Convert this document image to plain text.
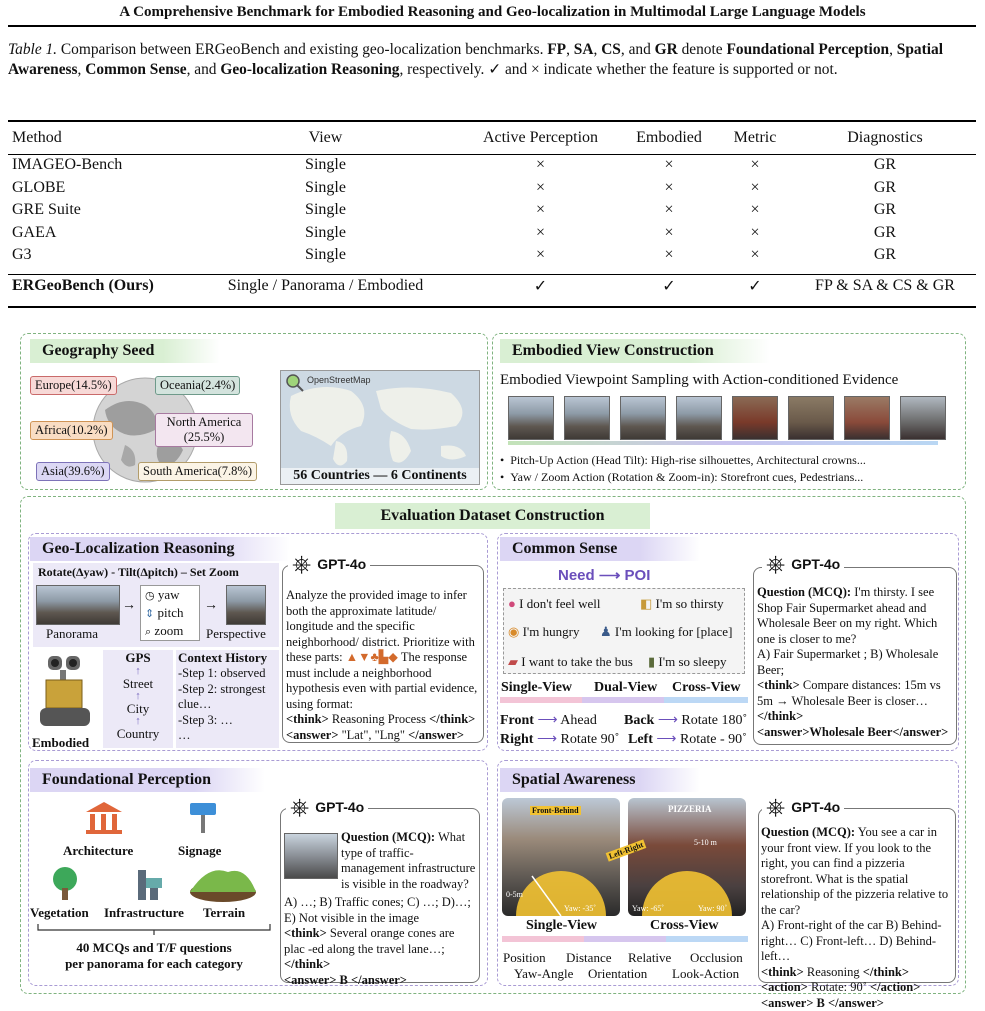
A Comprehensive Benchmark for Embodied Reasoning and Geo-localization in Multimodal Large Language Models
Table 1. Comparison between ERGeoBench and existing geo-localization benchmarks. FP, SA, CS, and GR denote Foundational Perception, Spatial Awareness, Common Sense, and Geo-localization Reasoning, respectively. ✓ and × indicate whether the feature is supported or not.
Method	View	Active Perception	Embodied	Metric	Diagnostics
IMAGEO-Bench	Single	×	×	×	GR
GLOBE	Single	×	×	×	GR
GRE Suite	Single	×	×	×	GR
GAEA	Single	×	×	×	GR
G3	Single	×	×	×	GR

ERGeoBench (Ours)	Single / Panorama / Embodied	✓	✓	✓	FP & SA & CS & GR
Geography Seed
Europe(14.5%)	Oceania(2.4%)
Africa(10.2%)
North America
(25.5%)
Asia(39.6%)	South America(7.8%)
OpenStreetMap
56 Countries — 6 Continents
Embodied View Construction
Embodied Viewpoint Sampling with Action-conditioned Evidence
•  Pitch-Up Action (Head Tilt): High-rise silhouettes, Architectural crowns...
•  Yaw / Zoom Action (Rotation & Zoom-in): Storefront cues, Pedestrians...
Evaluation Dataset Construction
Geo-Localization Reasoning
Rotate(Δyaw) - Tilt(Δpitch) – Set Zoom
Panorama
→
◷ yaw
⇕ pitch
⌕ zoom
→
Perspective
Embodied
GPS
↑
Street
↑
City
↑
Country
Context History
-Step 1: observed
-Step 2: strongest
clue…
-Step 3: …
…
⎈ GPT-4o
Analyze the provided image to infer both the approximate latitude/ longitude and the specific neighborhood/ district. Prioritize with these parts: ▲▼♣▙◆ The response must include a neighborhood hypothesis even with partial evidence, using format:
<think> Reasoning Process </think>
<answer> "Lat", "Lng" </answer>
Common Sense
Need ⟶ POI
● I don't feel well	◧ I'm so thirsty
◉ I'm hungry ♟ I'm looking for [place]
▰ I want to take the bus ▮ I'm so sleepy
Single-View Dual-View Cross-View
Front ⟶ Ahead Back ⟶ Rotate 180˚
Right ⟶ Rotate 90˚ Left ⟶ Rotate - 90˚
⎈ GPT-4o
Question (MCQ): I'm thirsty. I see Shop Fair Supermarket ahead and Wholesale Beer on my right. Which one is closer to me?
A) Fair Supermarket ; B) Wholesale Beer;
<think> Compare distances: 15m vs 5m → Wholesale Beer is closer…
</think>
<answer>Wholesale Beer</answer>
Foundational Perception
Architecture	Signage
Vegetation Infrastructure Terrain
40 MCQs and T/F questions
per panorama for each category
⎈ GPT-4o
Question (MCQ): What type of traffic-management infrastructure is visible in the roadway?
A) …; B) Traffic cones; C) …; D)…; E) Not visible in the image
<think> Several orange cones are plac -ed along the travel lane…; </think>
<answer> B </answer>
Spatial Awareness
Front-Behind
0-5m
Yaw: -35˚
PIZZERIA
5-10 m
Yaw: -65˚	Yaw: 90˚
Left-Right
Single-View	Cross-View
Position Distance Relative Occlusion
Yaw-Angle Orientation Look-Action
⎈ GPT-4o
Question (MCQ): You see a car in your front view. If you look to the right, you can find a pizzeria storefront. What is the spatial relationship of the pizzeria relative to the car?
A) Front-right of the car B) Behind-right… C) Front-left… D) Behind-left…
<think> Reasoning </think>
<action> Rotate: 90˚ </action>
<answer> B </answer>
